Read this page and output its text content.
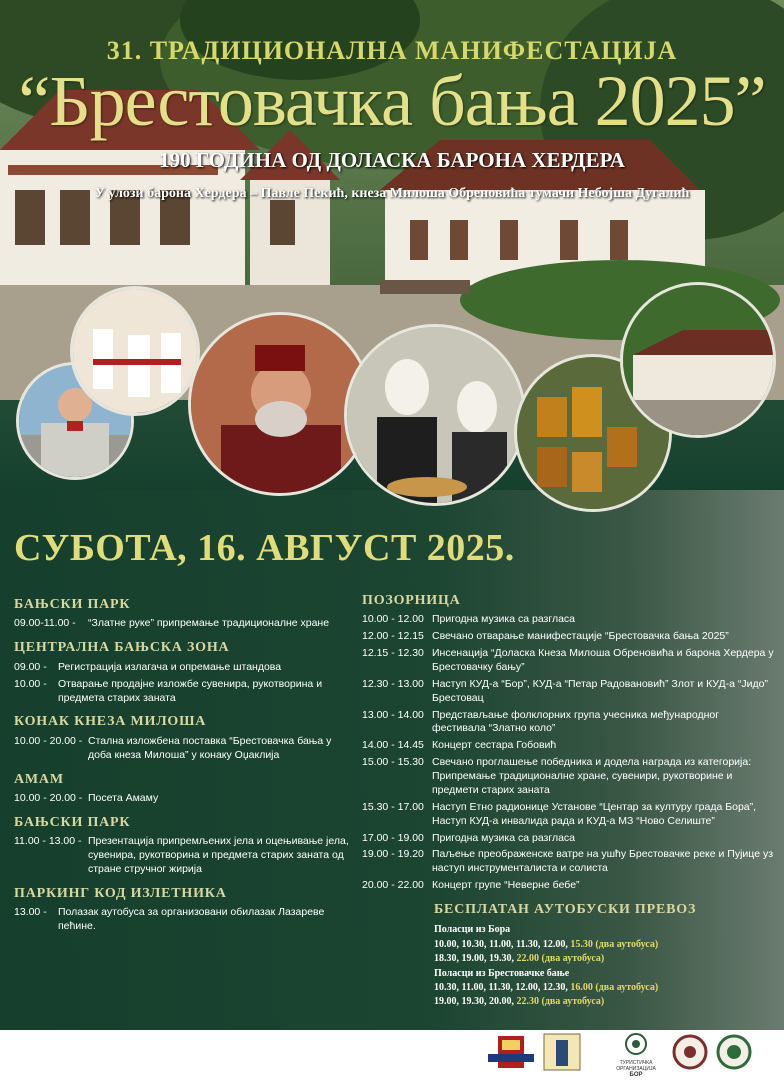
31. ТРАДИЦИОНАЛНА МАНИФЕСТАЦИЈА
“Брестовачка бања 2025”
190 ГОДИНА ОД ДОЛАСКА БАРОНА ХЕРДЕРА
У улози барона Хердера – Павле Пекић, кнеза Милоша Обреновића тумачи Небојша Дугалић
СУБОТА, 16. АВГУСТ 2025.
БАЊСКИ ПАРК
09.00-11.00 -	“Златне руке” припремање традиционалне хране
ЦЕНТРАЛНА БАЊСКА ЗОНА
09.00 -	Регистрација излагача и опремање штандова
10.00 -	Отварање продајне изложбе сувенира, рукотворина и предмета старих заната
КОНАК КНЕЗА МИЛОША
10.00 - 20.00 - Стална изложбена поставка “Брестовачка бања у доба кнеза Милоша” у конаку Оџаклија
АМАМ
10.00 - 20.00 - Посета Амаму
БАЊСКИ ПАРК
11.00 - 13.00 - Презентација припремљених јела и оцењивање јела, сувенира, рукотворина и предмета старих заната од стране стручног жирија
ПАРКИНГ КОД ИЗЛЕТНИКА
13.00 -	Полазак аутобуса за организовани обилазак Лазареве пећине.
ПОЗОРНИЦА
10.00 - 12.00 Пригодна музика са разгласа
12.00 - 12.15 Свечано отварање манифестације “Брестовачка бања 2025”
12.15 - 12.30 Инсенација “Доласка Кнеза Милоша Обреновића и барона Хердера у Брестовачку бању”
12.30 - 13.00 Наступ КУД-а “Бор”, КУД-а “Петар Радовановић” Злот и КУД-а “Јидо” Брестовац
13.00 - 14.00 Представљање фолклорних група учесника међународног фестивала “Златно коло”
14.00 - 14.45 Концерт сестара Гобовић
15.00 - 15.30 Свечано проглашење победника и додела награда из категорија: Припремање традиционалне хране, сувенири, рукотворине и предмети старих заната
15.30 - 17.00 Наступ Етно радионице Установе “Центар за културу града Бора”, Наступ КУД-а инвалида рада и КУД-а МЗ “Ново Селиште”
17.00 - 19.00 Пригодна музика са разгласа
19.00 - 19.20 Паљење преображенске ватре на ушћу Брестовачке реке и Пујице уз наступ инструменталиста и солиста
20.00 - 22.00 Концерт групе “Неверне бебе”
БЕСПЛАТАН АУТОБУСКИ ПРЕВОЗ
Поласци из Бора
10.00, 10.30, 11.00, 11.30, 12.00, 15.30 (два аутобуса)
18.30, 19.00, 19.30, 22.00 (два аутобуса)
Поласци из Брестовачке бање
10.30, 11.00, 11.30, 12.00, 12.30, 16.00 (два аутобуса)
19.00, 19.30, 20.00, 22.30 (два аутобуса)
ТУРИСТИЧКА ОРГАНИЗАЦИЈА
БОР
